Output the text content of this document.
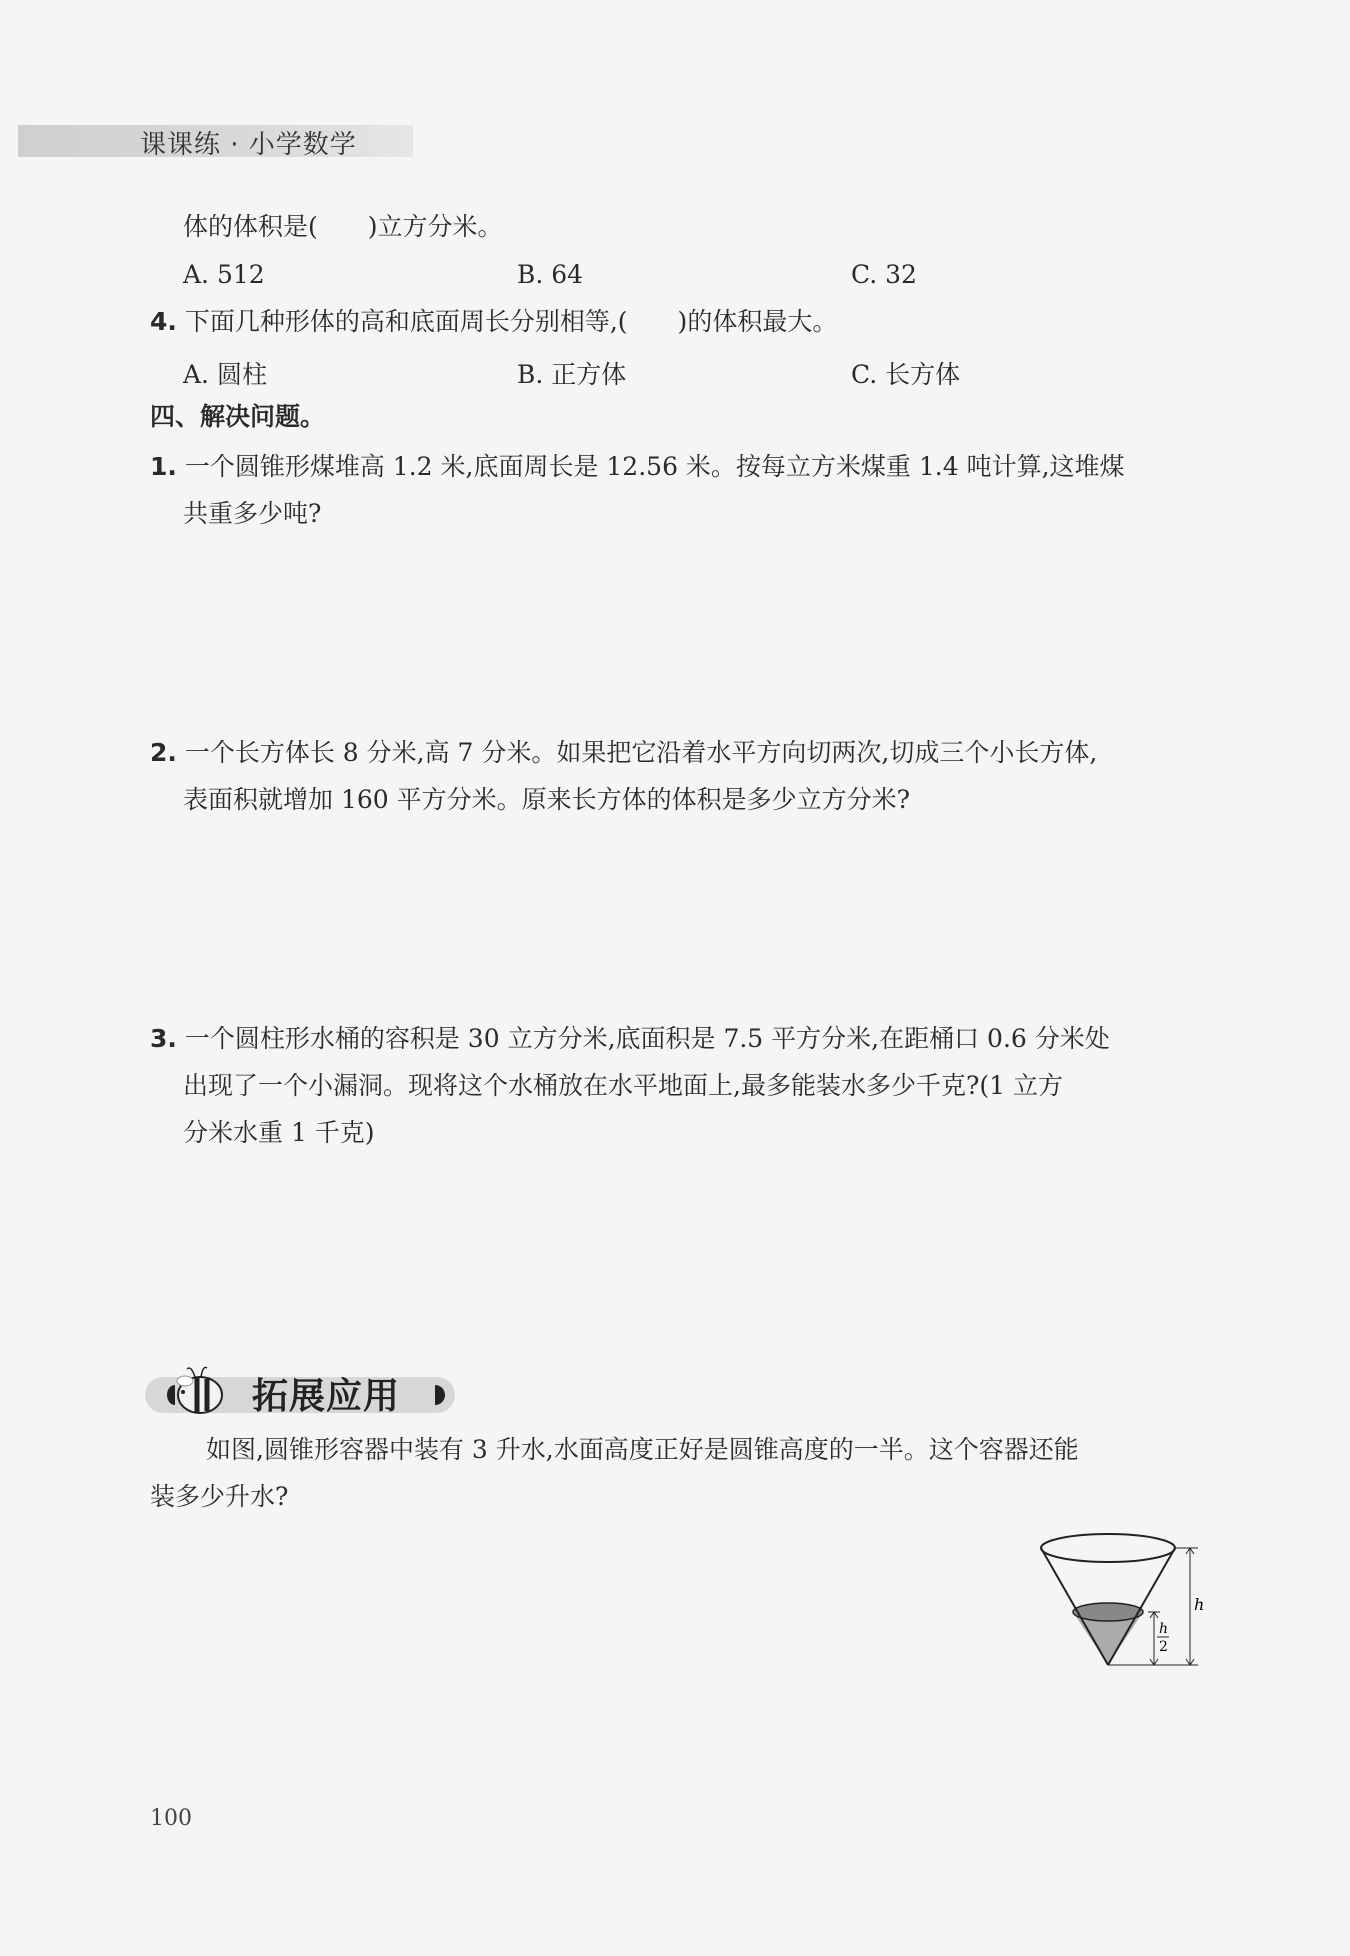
课课练 · 小学数学
体的体积是(　　)立方分米。
A. 512	B. 64	C. 32
4. 下面几种形体的高和底面周长分别相等,(　　)的体积最大。
A. 圆柱	B. 正方体	C. 长方体
四、解决问题。
1. 一个圆锥形煤堆高 1.2 米,底面周长是 12.56 米。按每立方米煤重 1.4 吨计算,这堆煤
共重多少吨?
2. 一个长方体长 8 分米,高 7 分米。如果把它沿着水平方向切两次,切成三个小长方体,
表面积就增加 160 平方分米。原来长方体的体积是多少立方分米?
3. 一个圆柱形水桶的容积是 30 立方分米,底面积是 7.5 平方分米,在距桶口 0.6 分米处
出现了一个小漏洞。现将这个水桶放在水平地面上,最多能装水多少千克?(1 立方
分米水重 1 千克)
拓展应用
如图,圆锥形容器中装有 3 升水,水面高度正好是圆锥高度的一半。这个容器还能
装多少升水?
h
h
2
100
